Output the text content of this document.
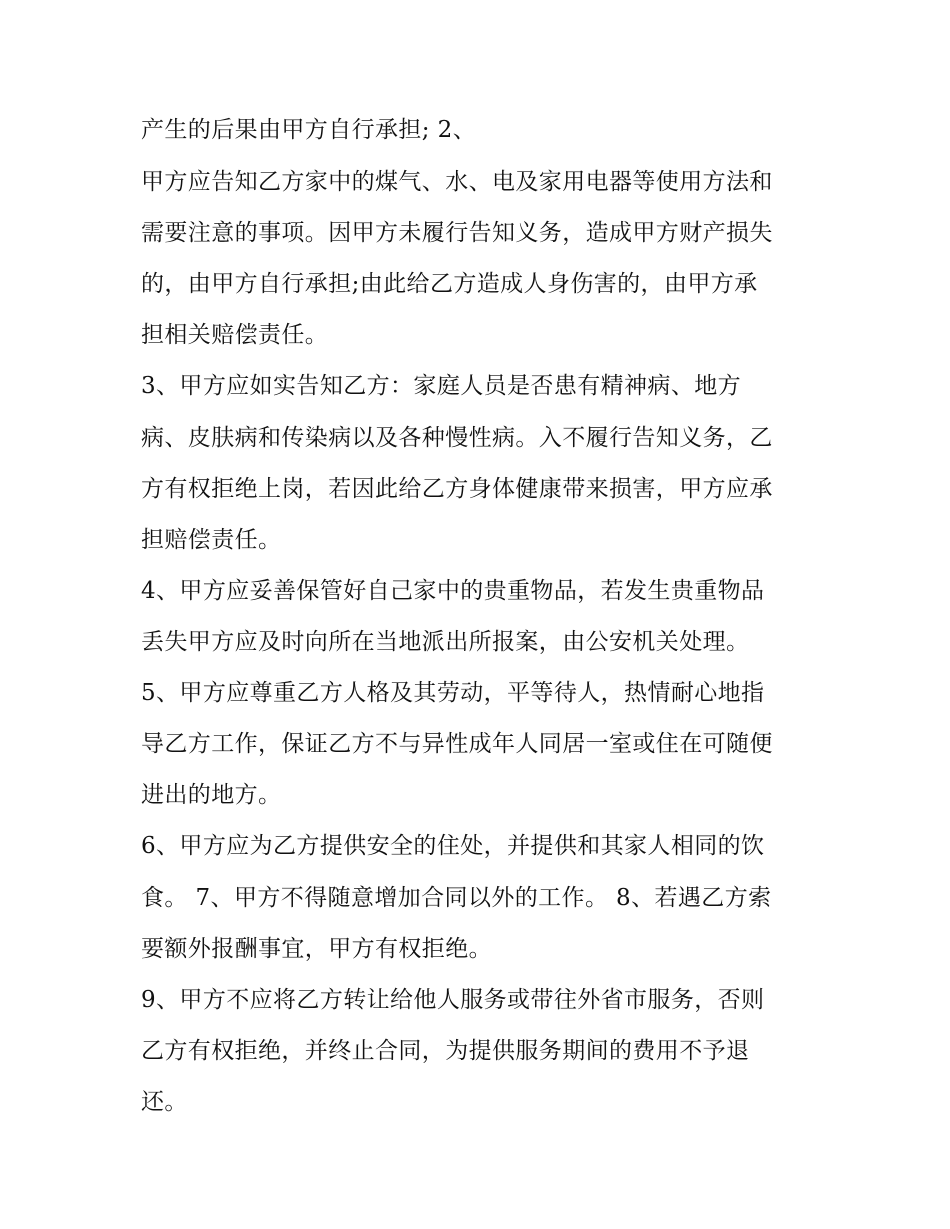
产生的后果由甲方自行承担; 2、
甲方应告知乙方家中的煤气、水、电及家用电器等使用方法和
需要注意的事项。因甲方未履行告知义务，造成甲方财产损失
的，由甲方自行承担;由此给乙方造成人身伤害的，由甲方承
担相关赔偿责任。
3、甲方应如实告知乙方：家庭人员是否患有精神病、地方
病、皮肤病和传染病以及各种慢性病。入不履行告知义务，乙
方有权拒绝上岗，若因此给乙方身体健康带来损害，甲方应承
担赔偿责任。
4、甲方应妥善保管好自己家中的贵重物品，若发生贵重物品
丢失甲方应及时向所在当地派出所报案，由公安机关处理。
5、甲方应尊重乙方人格及其劳动，平等待人，热情耐心地指
导乙方工作，保证乙方不与异性成年人同居一室或住在可随便
进出的地方。
6、甲方应为乙方提供安全的住处，并提供和其家人相同的饮
食。 7、甲方不得随意增加合同以外的工作。 8、若遇乙方索
要额外报酬事宜，甲方有权拒绝。
9、甲方不应将乙方转让给他人服务或带往外省市服务，否则
乙方有权拒绝，并终止合同，为提供服务期间的费用不予退
还。
